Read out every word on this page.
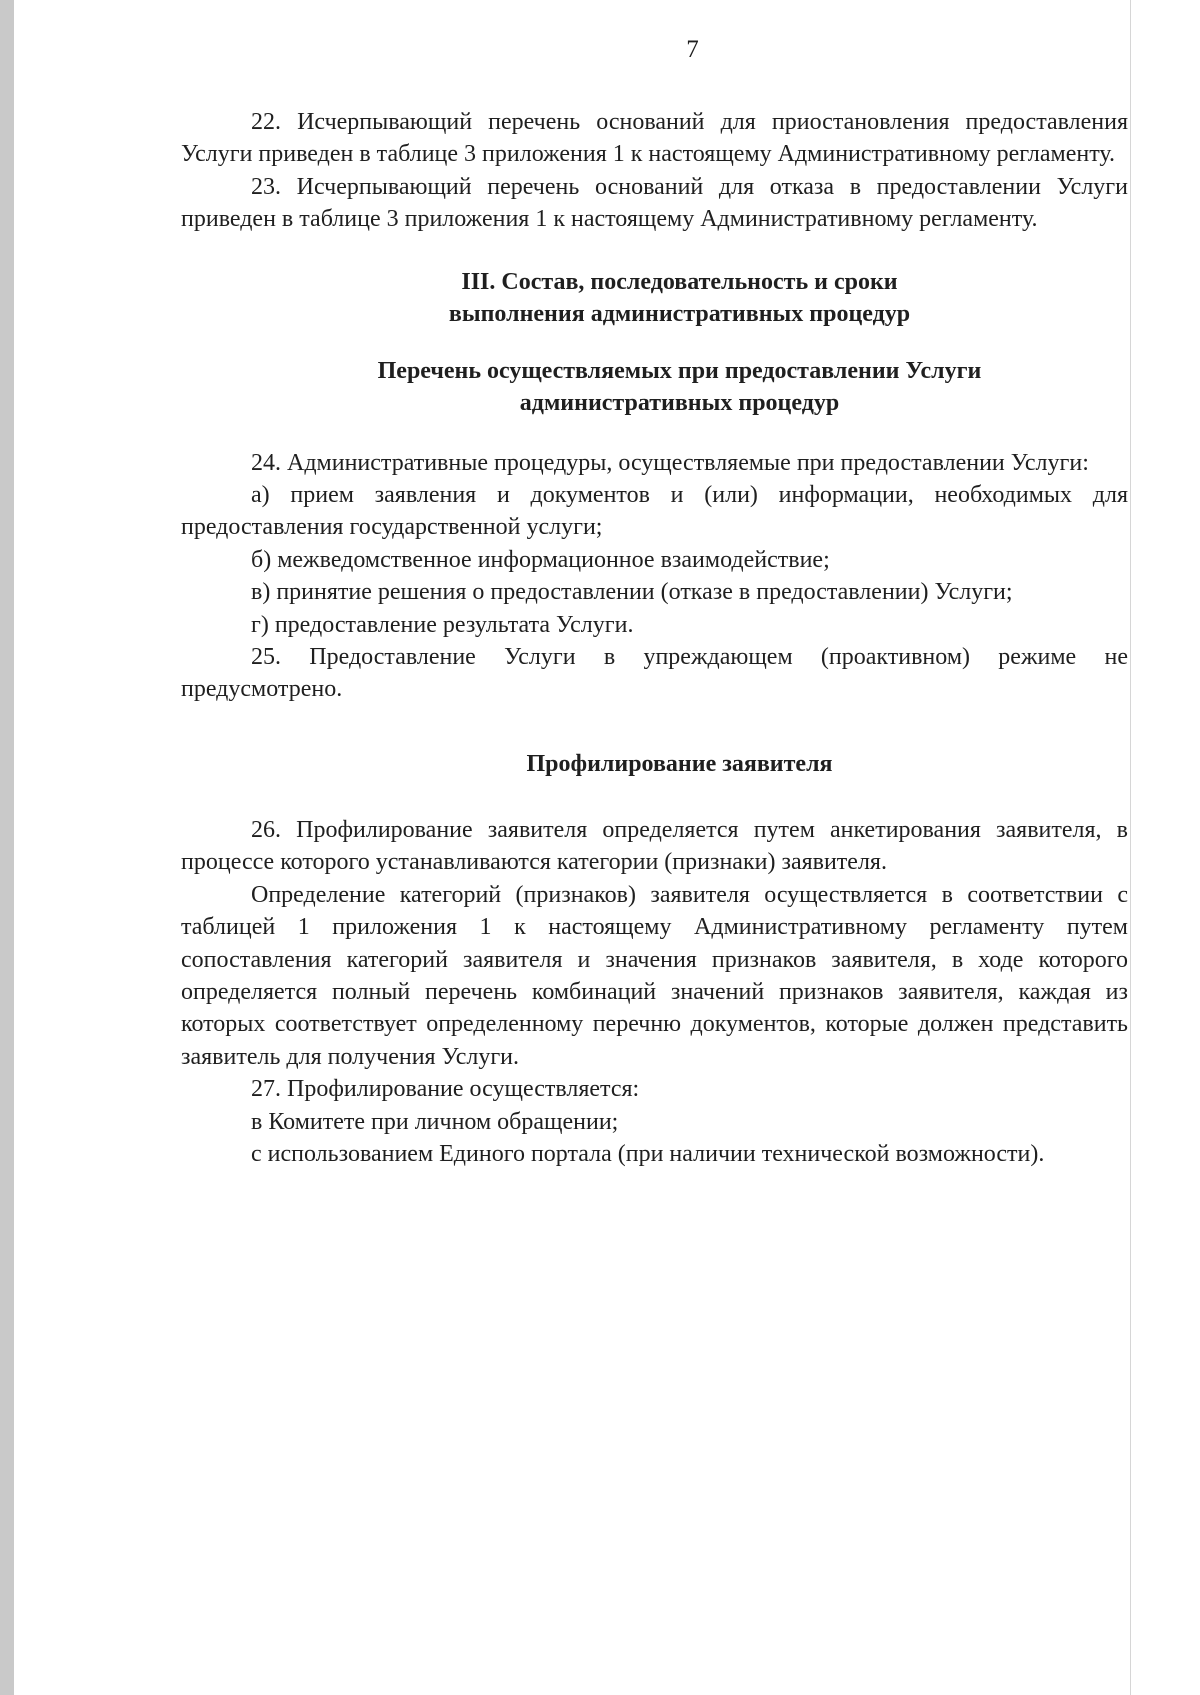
7

22. Исчерпывающий перечень оснований для приостановления предоставления Услуги приведен в таблице 3 приложения 1 к настоящему Административному регламенту.

23. Исчерпывающий перечень оснований для отказа в предоставлении Услуги приведен в таблице 3 приложения 1 к настоящему Административному регламенту.

III. Состав, последовательность и сроки
выполнения административных процедур
Перечень осуществляемых при предоставлении Услуги
административных процедур

24. Административные процедуры, осуществляемые при предоставлении Услуги:

а) прием заявления и документов и (или) информации, необходимых для предоставления государственной услуги;

б) межведомственное информационное взаимодействие;

в) принятие решения о предоставлении (отказе в предоставлении) Услуги;

г) предоставление результата Услуги.

25. Предоставление Услуги в упреждающем (проактивном) режиме не предусмотрено.

Профилирование заявителя

26. Профилирование заявителя определяется путем анкетирования заявителя, в процессе которого устанавливаются категории (признаки) заявителя.

Определение категорий (признаков) заявителя осуществляется в соответствии с таблицей 1 приложения 1 к настоящему Административному регламенту путем сопоставления категорий заявителя и значения признаков заявителя, в ходе которого определяется полный перечень комбинаций значений признаков заявителя, каждая из которых соответствует определенному перечню документов, которые должен представить заявитель для получения Услуги.

27. Профилирование осуществляется:

в Комитете при личном обращении;

с использованием Единого портала (при наличии технической возможности).
